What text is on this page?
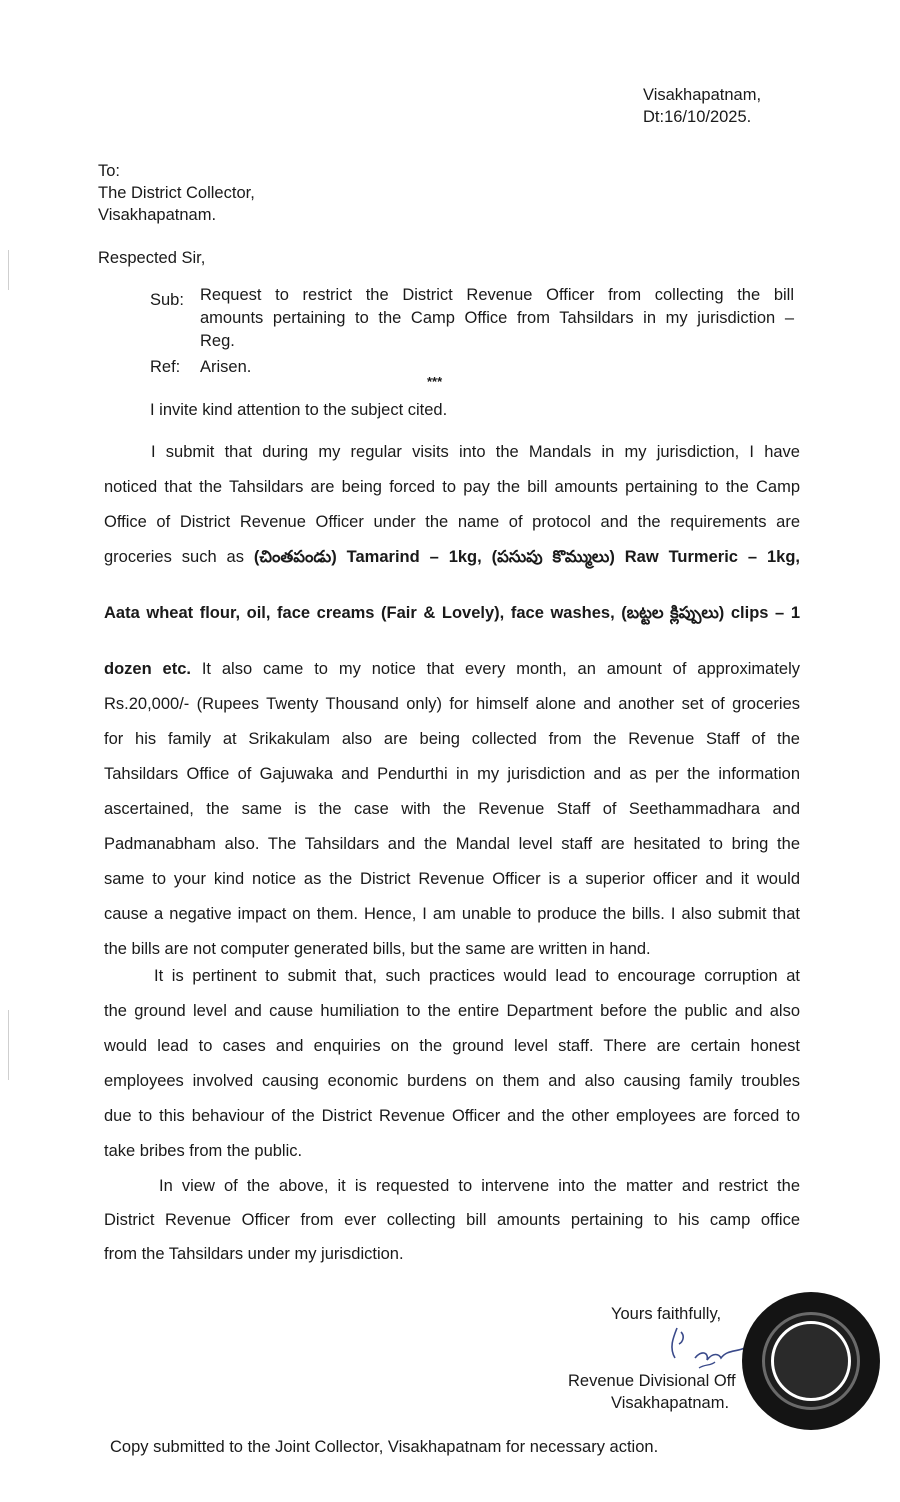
Visakhapatnam,
Dt:16/10/2025.
To:
The District Collector,
Visakhapatnam.
Respected Sir,
Sub: Request to restrict the District Revenue Officer from collecting the bill
amounts pertaining to the Camp Office from Tahsildars in my jurisdiction –
Reg.
Ref: Arisen.
***
I invite kind attention to the subject cited.
I submit that during my regular visits into the Mandals in my jurisdiction, I have
noticed that the Tahsildars are being forced to pay the bill amounts pertaining to the Camp
Office of District Revenue Officer under the name of protocol and the requirements are
groceries such as (చింతపండు) Tamarind – 1kg, (పసుపు కొమ్ములు) Raw Turmeric – 1kg,
Aata wheat flour, oil, face creams (Fair & Lovely), face washes, (బట్టల క్లిప్పులు) clips – 1
dozen etc. It also came to my notice that every month, an amount of approximately
Rs.20,000/- (Rupees Twenty Thousand only) for himself alone and another set of groceries
for his family at Srikakulam also are being collected from the Revenue Staff of the
Tahsildars Office of Gajuwaka and Pendurthi in my jurisdiction and as per the information
ascertained, the same is the case with the Revenue Staff of Seethammadhara and
Padmanabham also. The Tahsildars and the Mandal level staff are hesitated to bring the
same to your kind notice as the District Revenue Officer is a superior officer and it would
cause a negative impact on them. Hence, I am unable to produce the bills. I also submit that
the bills are not computer generated bills, but the same are written in hand.
It is pertinent to submit that, such practices would lead to encourage corruption at
the ground level and cause humiliation to the entire Department before the public and also
would lead to cases and enquiries on the ground level staff. There are certain honest
employees involved causing economic burdens on them and also causing family troubles
due to this behaviour of the District Revenue Officer and the other employees are forced to
take bribes from the public.
In view of the above, it is requested to intervene into the matter and restrict the
District Revenue Officer from ever collecting bill amounts pertaining to his camp office
from the Tahsildars under my jurisdiction.
Yours faithfully,
Revenue Divisional Off
Visakhapatnam.
Copy submitted to the Joint Collector, Visakhapatnam for necessary action.
